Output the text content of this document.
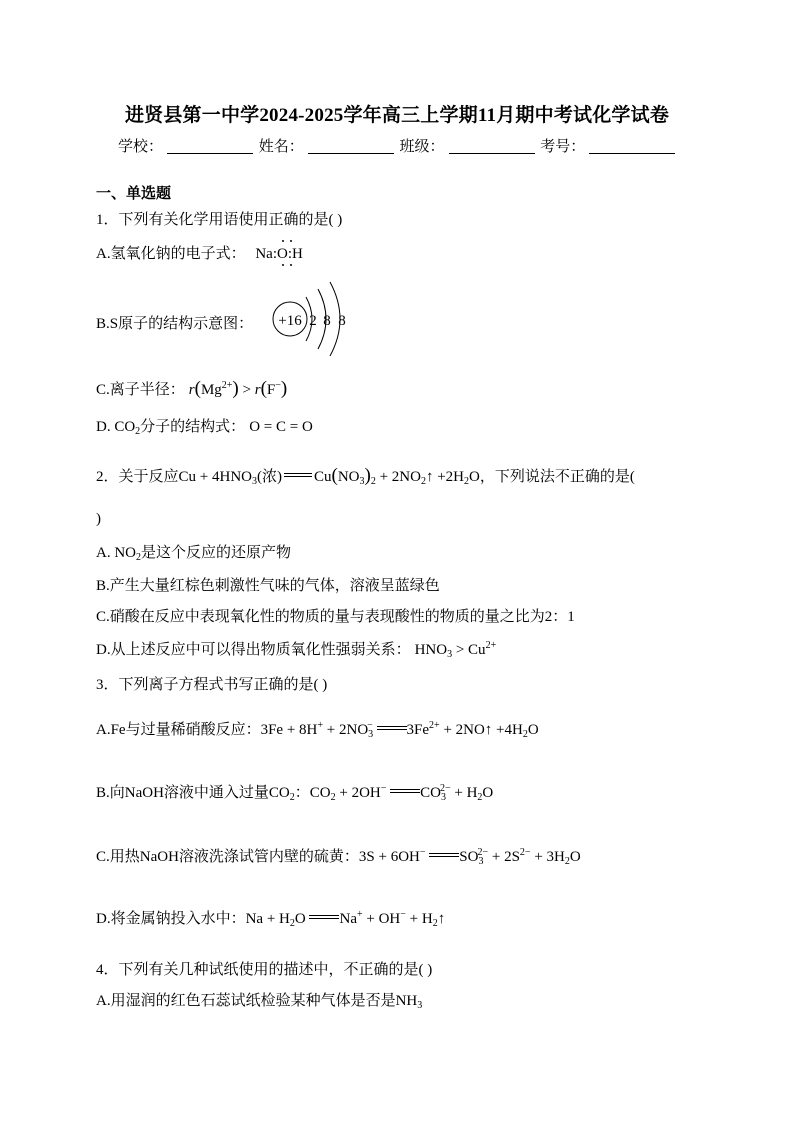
进贤县第一中学2024-2025学年高三上学期11月期中考试化学试卷
学校：	姓名：	班级：	考号：
一、单选题
1．下列有关化学用语使用正确的是( )
A.氢氧化钠的电子式： Na:O:H
B.S原子的结构示意图： +16 2 8 8
C.离子半径： $r(Mg^{2+}) > r(F^-)$
D. $CO_2$分子的结构式： O = C = O
2．关于反应$Cu + 4HNO_3$(浓) $Cu(NO_3)_2$ + $2NO_2↑ +2H_2O$，下列说法不正确的是(
)
A. $NO_2$是这个反应的还原产物
B.产生大量红棕色刺激性气味的气体，溶液呈蓝绿色
C.硝酸在反应中表现氧化性的物质的量与表现酸性的物质的量之比为2：1
D.从上述反应中可以得出物质氧化性强弱关系： $HNO_3 > Cu^{2+}$
3．下列离子方程式书写正确的是( )
A.Fe与过量稀硝酸反应：$3Fe + 8H^+ + 2NO_3^-$ $3Fe^{2+}$ + 2NO↑ $+4H_2O$
B.向NaOH溶液中通入过量$CO_2$：$CO_2 + 2OH^-$ $CO_3^{2-} + H_2O$
C.用热NaOH溶液洗涤试管内壁的硫黄：3S + 6OH− $SO_3^{2-} + 2S^{2-} + 3H_2O$
D.将金属钠投入水中：$Na + H_2O$ $Na^+ + OH^- + H_2↑$
4．下列有关几种试纸使用的描述中，不正确的是( )
A.用湿润的红色石蕊试纸检验某种气体是否是$NH_3$
